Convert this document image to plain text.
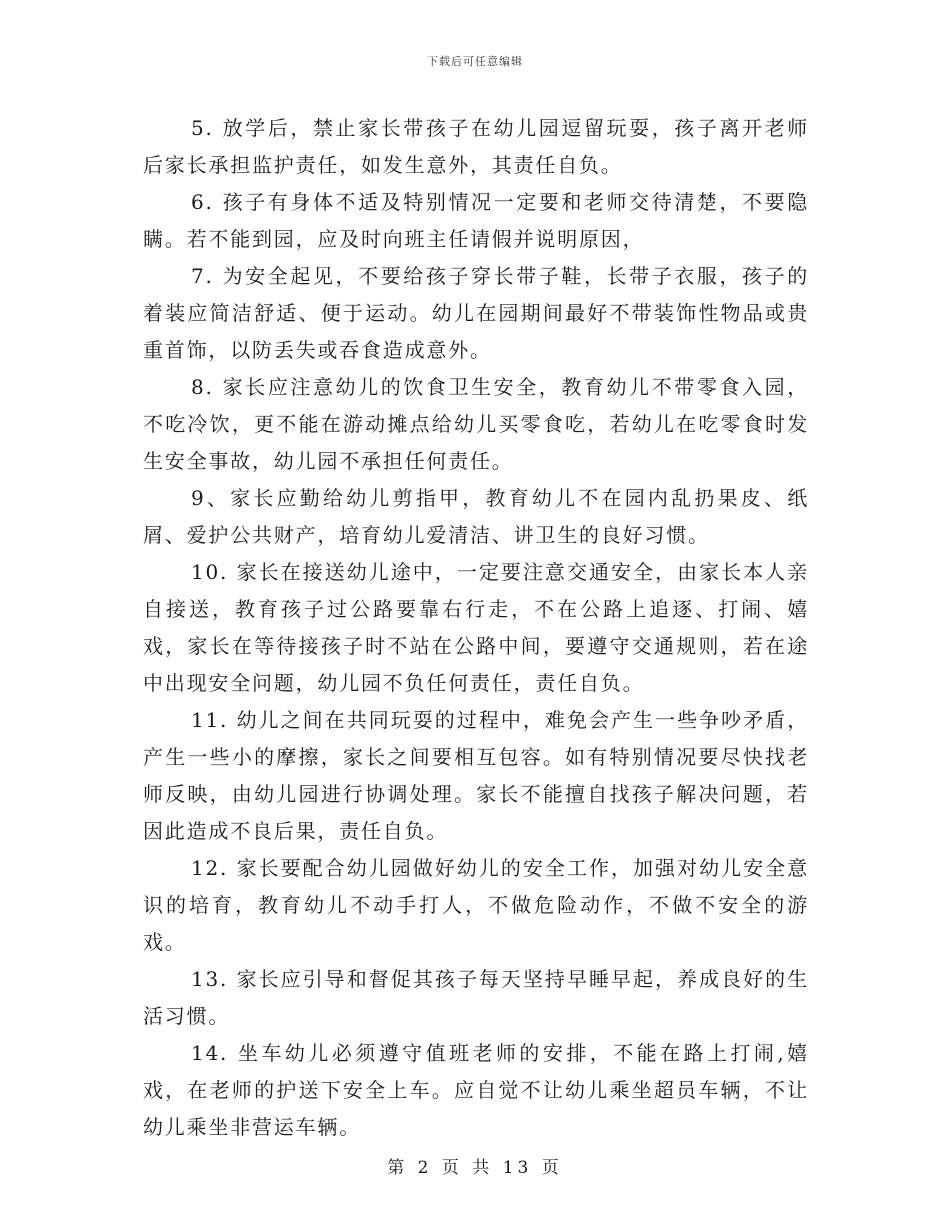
下载后可任意编辑

5. 放学后，禁止家长带孩子在幼儿园逗留玩耍，孩子离开老师后家长承担监护责任，如发生意外，其责任自负。

6. 孩子有身体不适及特别情况一定要和老师交待清楚，不要隐瞒。若不能到园，应及时向班主任请假并说明原因，

7. 为安全起见，不要给孩子穿长带子鞋，长带子衣服，孩子的着装应简洁舒适、便于运动。幼儿在园期间最好不带装饰性物品或贵重首饰，以防丢失或吞食造成意外。

8. 家长应注意幼儿的饮食卫生安全，教育幼儿不带零食入园，不吃冷饮，更不能在游动摊点给幼儿买零食吃，若幼儿在吃零食时发生安全事故，幼儿园不承担任何责任。

9、家长应勤给幼儿剪指甲，教育幼儿不在园内乱扔果皮、纸屑、爱护公共财产，培育幼儿爱清洁、讲卫生的良好习惯。

10. 家长在接送幼儿途中，一定要注意交通安全，由家长本人亲自接送，教育孩子过公路要靠右行走，不在公路上追逐、打闹、嬉戏，家长在等待接孩子时不站在公路中间，要遵守交通规则，若在途中出现安全问题，幼儿园不负任何责任，责任自负。

11. 幼儿之间在共同玩耍的过程中，难免会产生一些争吵矛盾，产生一些小的摩擦，家长之间要相互包容。如有特别情况要尽快找老师反映，由幼儿园进行协调处理。家长不能擅自找孩子解决问题，若因此造成不良后果，责任自负。

12. 家长要配合幼儿园做好幼儿的安全工作，加强对幼儿安全意识的培育，教育幼儿不动手打人，不做危险动作，不做不安全的游戏。

13. 家长应引导和督促其孩子每天坚持早睡早起，养成良好的生活习惯。

14. 坐车幼儿必须遵守值班老师的安排，不能在路上打闹,嬉戏，在老师的护送下安全上车。应自觉不让幼儿乘坐超员车辆，不让幼儿乘坐非营运车辆。

第 2 页 共 13 页
